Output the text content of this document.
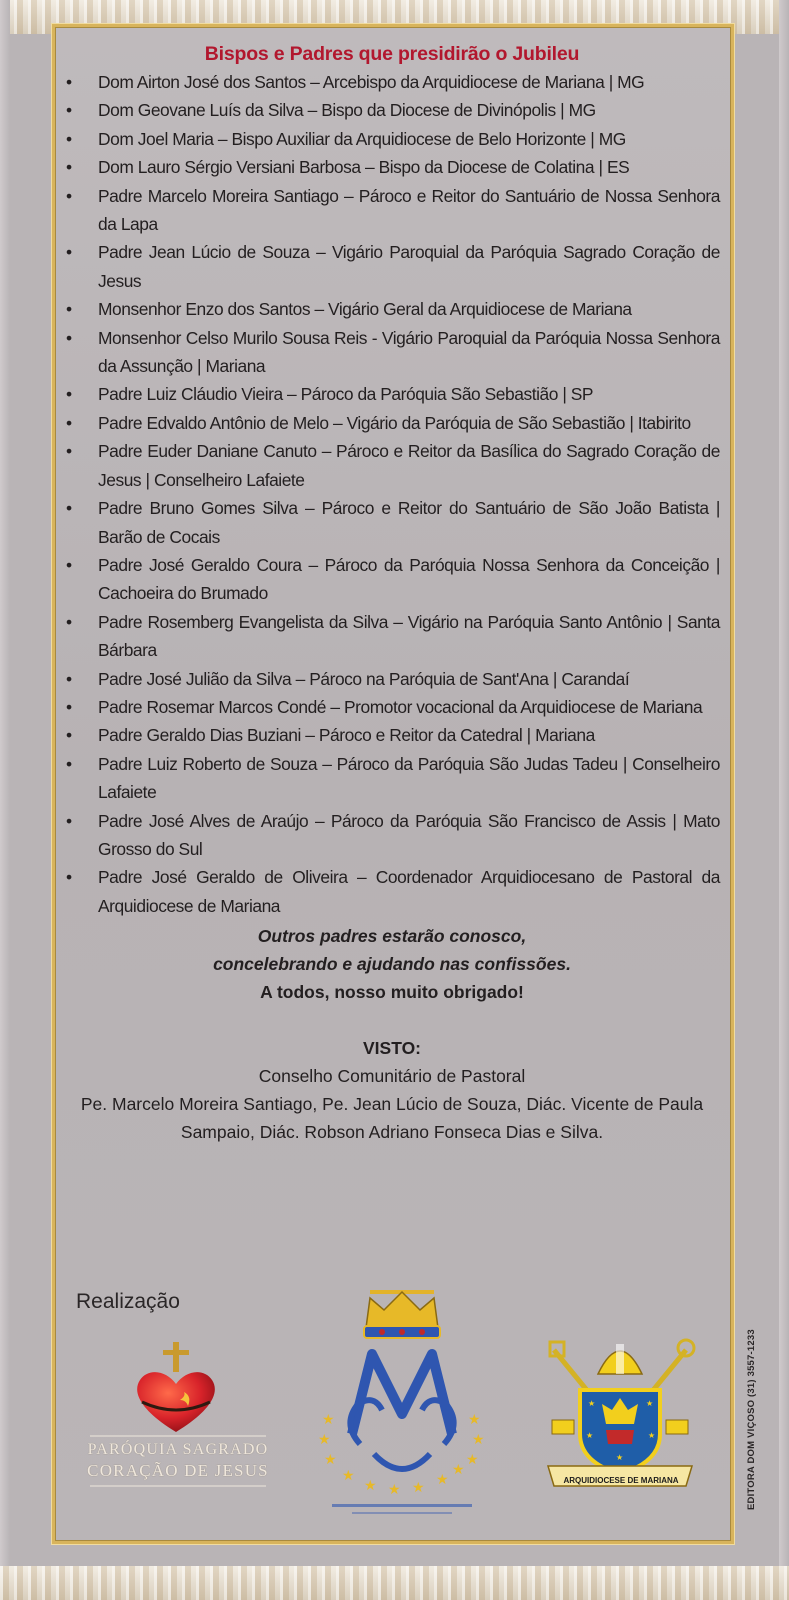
Bispos e Padres que presidirão o Jubileu
• Dom Airton José dos Santos – Arcebispo da Arquidiocese de Mariana | MG
• Dom Geovane Luís da Silva – Bispo da Diocese de Divinópolis | MG
• Dom Joel Maria – Bispo Auxiliar da Arquidiocese de Belo Horizonte | MG
• Dom Lauro Sérgio Versiani Barbosa – Bispo da Diocese de Colatina | ES
• Padre Marcelo Moreira Santiago – Pároco e Reitor do Santuário de Nossa Senhora da Lapa
• Padre Jean Lúcio de Souza – Vigário Paroquial da Paróquia Sagrado Coração de Jesus
• Monsenhor Enzo dos Santos – Vigário Geral da Arquidiocese de Mariana
• Monsenhor Celso Murilo Sousa Reis - Vigário Paroquial da Paróquia Nossa Senhora da Assunção | Mariana
• Padre Luiz Cláudio Vieira – Pároco da Paróquia São Sebastião | SP
• Padre Edvaldo Antônio de Melo – Vigário da Paróquia de São Sebastião | Itabirito
• Padre Euder Daniane Canuto – Pároco e Reitor da Basílica do Sagrado Coração de Jesus | Conselheiro Lafaiete
• Padre Bruno Gomes Silva – Pároco e Reitor do Santuário de São João Batista | Barão de Cocais
• Padre José Geraldo Coura – Pároco da Paróquia Nossa Senhora da Conceição | Cachoeira do Brumado
• Padre Rosemberg Evangelista da Silva – Vigário na Paróquia Santo Antônio | Santa Bárbara
• Padre José Julião da Silva – Pároco na Paróquia de Sant'Ana | Carandaí
• Padre Rosemar Marcos Condé – Promotor vocacional da Arquidiocese de Mariana
• Padre Geraldo Dias Buziani – Pároco e Reitor da Catedral | Mariana
• Padre Luiz Roberto de Souza – Pároco da Paróquia São Judas Tadeu | Conselheiro Lafaiete
• Padre José Alves de Araújo – Pároco da Paróquia São Francisco de Assis | Mato Grosso do Sul
• Padre José Geraldo de Oliveira – Coordenador Arquidiocesano de Pastoral da Arquidiocese de Mariana

Outros padres estarão conosco,

concelebrando e ajudando nas confissões.

A todos, nosso muito obrigado!

VISTO:

Conselho Comunitário de Pastoral

Pe. Marcelo Moreira Santiago, Pe. Jean Lúcio de Souza, Diác. Vicente de Paula Sampaio, Diác. Robson Adriano Fonseca Dias e Silva.

Realização
PARÓQUIA SAGRADO
CORAÇÃO DE JESUS
★
★
★
★
★
★
★
★ ★ ★ ★
★
★	★
★	★
★
ARQUIDIOCESE DE MARIANA	EDITORA DOM VIÇOSO (31) 3557-1233
